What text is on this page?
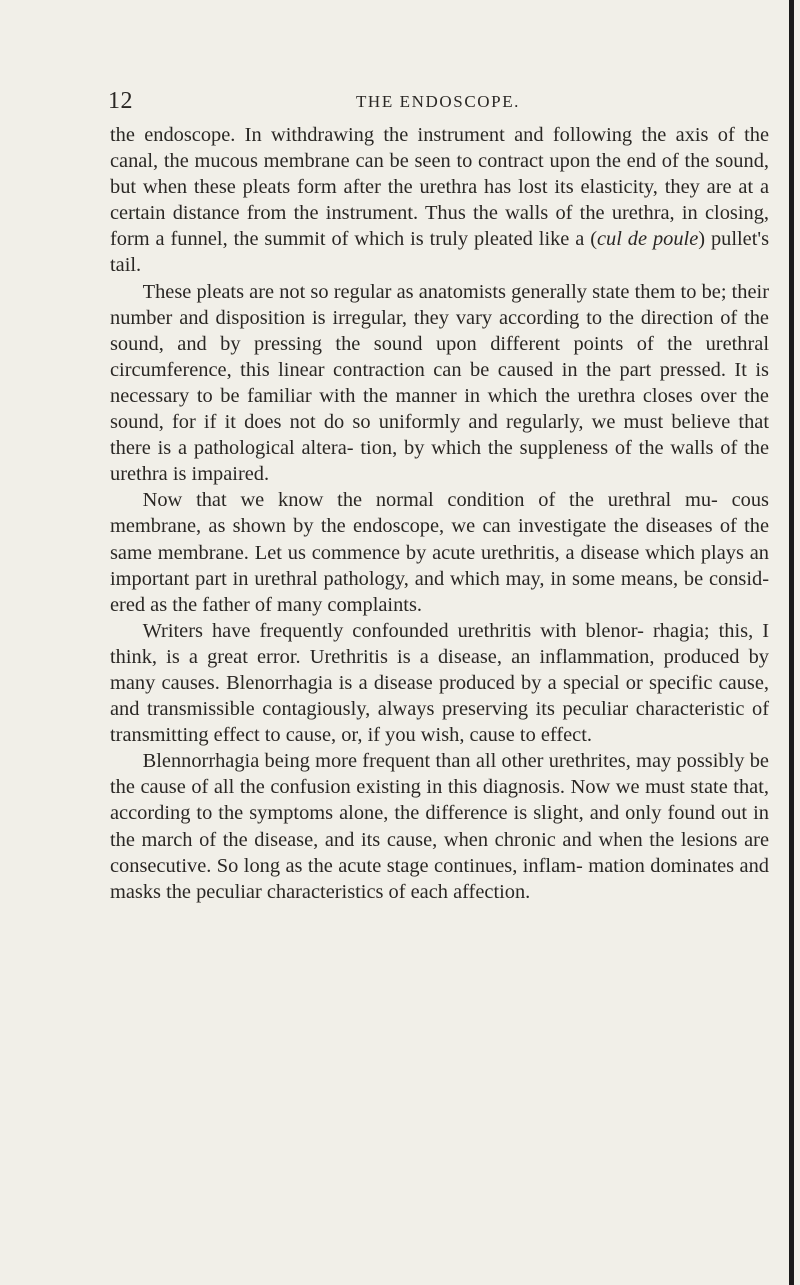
12	THE ENDOSCOPE.

the endoscope. In withdrawing the instrument and following the axis of the canal, the mucous membrane can be seen to contract upon the end of the sound, but when these pleats form after the urethra has lost its elasticity, they are at a certain distance from the instrument. Thus the walls of the urethra, in closing, form a funnel, the summit of which is truly pleated like a (cul de poule) pullet's tail.

These pleats are not so regular as anatomists generally state them to be; their number and disposition is irregular, they vary according to the direction of the sound, and by pressing the sound upon different points of the urethral circumference, this linear contraction can be caused in the part pressed. It is necessary to be familiar with the manner in which the urethra closes over the sound, for if it does not do so uniformly and regularly, we must believe that there is a pathological altera- tion, by which the suppleness of the walls of the urethra is impaired.

Now that we know the normal condition of the urethral mu- cous membrane, as shown by the endoscope, we can investigate the diseases of the same membrane. Let us commence by acute urethritis, a disease which plays an important part in urethral pathology, and which may, in some means, be consid- ered as the father of many complaints.

Writers have frequently confounded urethritis with blenor- rhagia; this, I think, is a great error. Urethritis is a disease, an inflammation, produced by many causes. Blenorrhagia is a disease produced by a special or specific cause, and transmissible contagiously, always preserving its peculiar characteristic of transmitting effect to cause, or, if you wish, cause to effect.

Blennorrhagia being more frequent than all other urethrites, may possibly be the cause of all the confusion existing in this diagnosis. Now we must state that, according to the symptoms alone, the difference is slight, and only found out in the march of the disease, and its cause, when chronic and when the lesions are consecutive. So long as the acute stage continues, inflam- mation dominates and masks the peculiar characteristics of each affection.
